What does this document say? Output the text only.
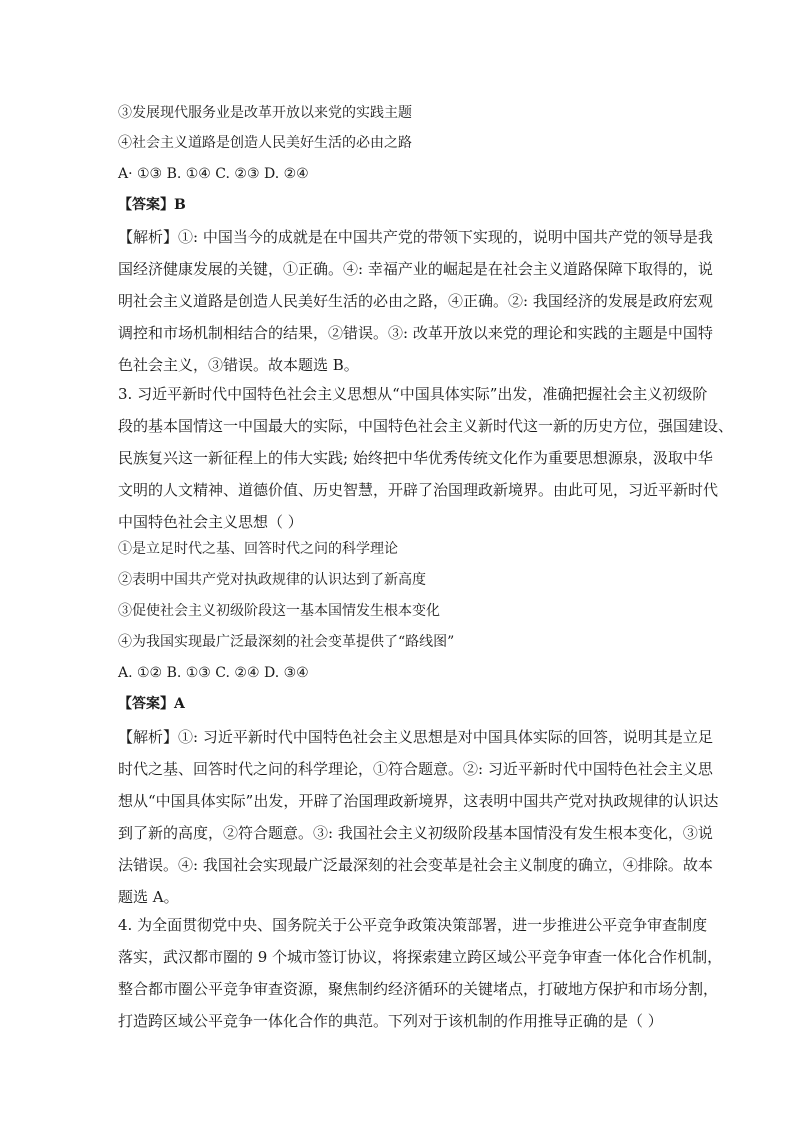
③发展现代服务业是改革开放以来党的实践主题
④社会主义道路是创造人民美好生活的必由之路
A· ①③ B. ①④ C. ②③ D. ②④
【答案】B

【解析】①: 中国当今的成就是在中国共产党的带领下实现的，说明中国共产党的领导是我

国经济健康发展的关键，①正确。④: 幸福产业的崛起是在社会主义道路保障下取得的，说

明社会主义道路是创造人民美好生活的必由之路，④正确。②: 我国经济的发展是政府宏观

调控和市场机制相结合的结果，②错误。③: 改革开放以来党的理论和实践的主题是中国特

色社会主义，③错误。故本题选 B。

3. 习近平新时代中国特色社会主义思想从“中国具体实际”出发，准确把握社会主义初级阶

段的基本国情这一中国最大的实际，中国特色社会主义新时代这一新的历史方位，强国建设、

民族复兴这一新征程上的伟大实践; 始终把中华优秀传统文化作为重要思想源泉，汲取中华

文明的人文精神、道德价值、历史智慧，开辟了治国理政新境界。由此可见，习近平新时代

中国特色社会主义思想（ ）

①是立足时代之基、回答时代之问的科学理论
②表明中国共产党对执政规律的认识达到了新高度
③促使社会主义初级阶段这一基本国情发生根本变化
④为我国实现最广泛最深刻的社会变革提供了“路线图”
A. ①② B. ①③ C. ②④ D. ③④
【答案】A

【解析】①: 习近平新时代中国特色社会主义思想是对中国具体实际的回答，说明其是立足

时代之基、回答时代之问的科学理论，①符合题意。②: 习近平新时代中国特色社会主义思

想从“中国具体实际”出发，开辟了治国理政新境界，这表明中国共产党对执政规律的认识达

到了新的高度，②符合题意。③: 我国社会主义初级阶段基本国情没有发生根本变化，③说

法错误。④: 我国社会实现最广泛最深刻的社会变革是社会主义制度的确立，④排除。故本

题选 A。

4. 为全面贯彻党中央、国务院关于公平竞争政策决策部署，进一步推进公平竞争审查制度

落实，武汉都市圈的 9 个城市签订协议，将探索建立跨区域公平竞争审查一体化合作机制，

整合都市圈公平竞争审查资源，聚焦制约经济循环的关键堵点，打破地方保护和市场分割，

打造跨区域公平竞争一体化合作的典范。下列对于该机制的作用推导正确的是（ ）
